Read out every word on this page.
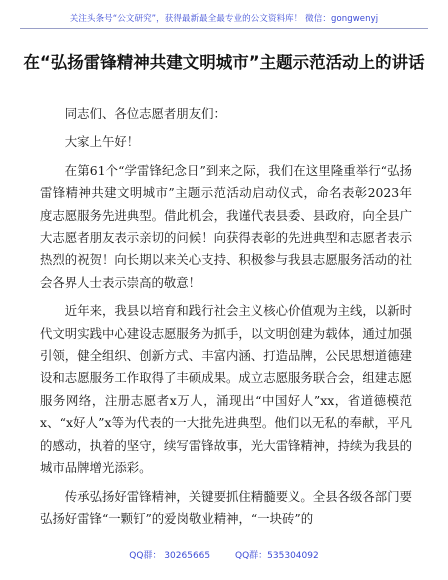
关注头条号“公文研究”，获得最新最全最专业的公文资料库！ 微信：gongwenyj
在“弘扬雷锋精神共建文明城市”主题示范活动上的讲话

同志们、各位志愿者朋友们：

大家上午好！

在第61个“学雷锋纪念日”到来之际，我们在这里隆重举行“弘扬雷锋精神共建文明城市”主题示范活动启动仪式，命名表彰2023年度志愿服务先进典型。借此机会，我谨代表县委、县政府，向全县广大志愿者朋友表示亲切的问候！向获得表彰的先进典型和志愿者表示热烈的祝贺！向长期以来关心支持、积极参与我县志愿服务活动的社会各界人士表示崇高的敬意！

近年来，我县以培育和践行社会主义核心价值观为主线，以新时代文明实践中心建设志愿服务为抓手，以文明创建为载体，通过加强引领，健全组织、创新方式、丰富内涵、打造品牌，公民思想道德建设和志愿服务工作取得了丰硕成果。成立志愿服务联合会，组建志愿服务网络，注册志愿者x万人，涌现出“中国好人”xx，省道德模范x、“x好人”x等为代表的一大批先进典型。他们以无私的奉献，平凡的感动，执着的坚守，续写雷锋故事，光大雷锋精神，持续为我县的城市品牌增光添彩。

传承弘扬好雷锋精神，关键要抓住精髓要义。全县各级各部门要弘扬好雷锋“一颗钉”的爱岗敬业精神，“一块砖”的

QQ群： 30265665	QQ群：535304092
